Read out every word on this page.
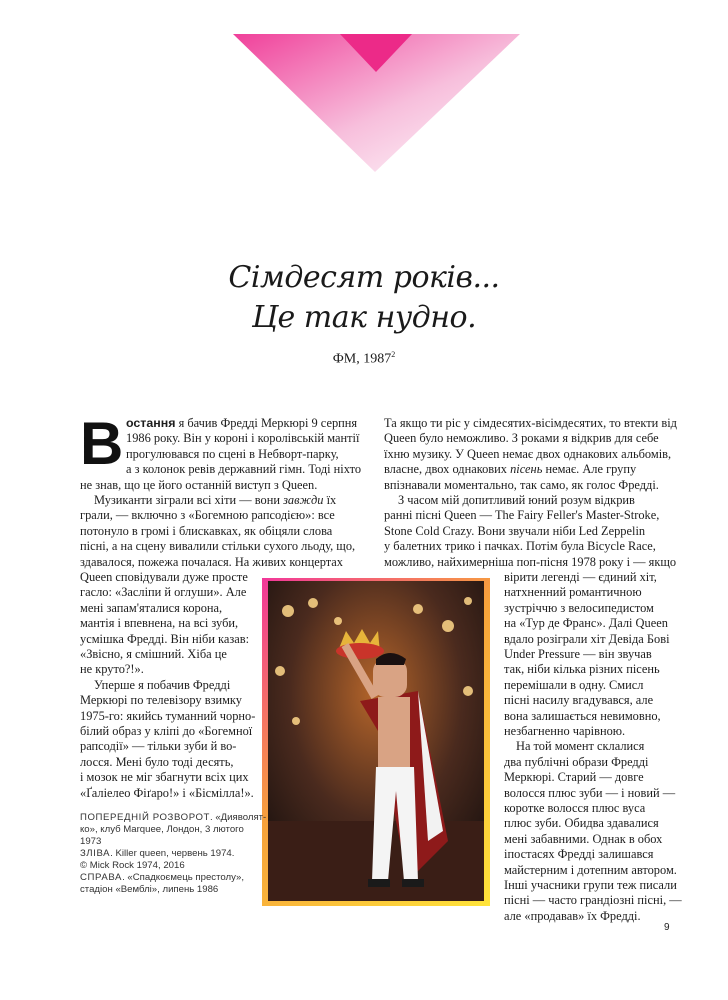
Сімдесят років...
Це так нудно.
ФМ, 1987$^2$
В остання я бачив Фредді Меркюрі 9 серпня
1986 року. Він у короні і королівській мантії
прогулювався по сцені в Небворт-парку,
а з колонок ревів державний гімн. Тоді ніхто
не знав, що це його останній виступ з Queen.
Музиканти зіграли всі хіти — вони завжди їх
грали, — включно з «Богемною рапсодією»: все
потонуло в громі і блискавках, як обіцяли слова
пісні, а на сцену вивалили стільки сухого льоду, що,
здавалося, пожежа почалася. На живих концертах
Queen сповідували дуже просте
гасло: «Засліпи й оглуши». Але
мені запам'яталися корона,
мантія і впевнена, на всі зуби,
усмішка Фредді. Він ніби казав:
«Звісно, я смішний. Хіба це
не круто?!».
Уперше я побачив Фредді
Меркюрі по телевізору взимку
1975-го: якийсь туманний чорно-
білий образ у кліпі до «Богемної
рапсодії» — тільки зуби й во-
лосся. Мені було тоді десять,
і мозок не міг збагнути всіх цих
«Ґаліелео Фіґаро!» і «Бісмілла!».
Та якщо ти ріс у сімдесятих-вісімдесятих, то втекти від
Queen було неможливо. З роками я відкрив для себе
їхню музику. У Queen немає двох однакових альбомів,
власне, двох однакових пісень немає. Але групу
впізнавали моментально, так само, як голос Фредді.
З часом мій допитливий юний розум відкрив
ранні пісні Queen — The Fairy Feller's Master-Stroke,
Stone Cold Crazy. Вони звучали ніби Led Zeppelin
у балетних трико і пачках. Потім була Bicycle Race,
можливо, найхимерніша поп-пісня 1978 року і — якщо
вірити легенді — єдиний хіт,
натхненний романтичною
зустріччю з велосипедистом
на «Тур де Франс». Далі Queen
вдало розіграли хіт Девіда Бові
Under Pressure — він звучав
так, ніби кілька різних пісень
перемішали в одну. Смисл
пісні насилу вгадувався, але
вона залишається невимовно,
незбагненно чарівною.
На той момент склалися
два публічні образи Фредді
Меркюрі. Старий — довге
волосся плюс зуби — і новий —
коротке волосся плюс вуса
плюс зуби. Обидва здавалися
мені забавними. Однак в обох
іпостасях Фредді залишався
майстерним і дотепним автором.
Інші учасники групи теж писали
пісні — часто грандіозні пісні, —
але «продавав» їх Фредді.
ПОПЕРЕДНІЙ РОЗВОРОТ. «Дияволят-
ко», клуб Marquee, Лондон, 3 лютого
1973
ЗЛІВА. Killer queen, червень 1974.
© Mick Rock 1974, 2016
СПРАВА. «Спадкоємець престолу»,
стадіон «Вемблі», липень 1986
9
